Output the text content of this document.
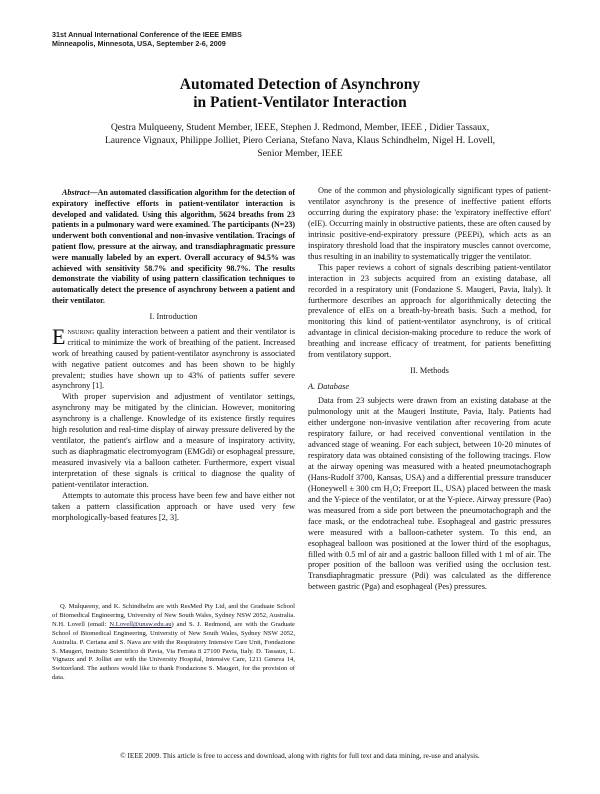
31st Annual International Conference of the IEEE EMBS
Minneapolis, Minnesota, USA, September 2-6, 2009
Automated Detection of Asynchrony
in Patient-Ventilator Interaction
Qestra Mulqueeny, Student Member, IEEE, Stephen J. Redmond, Member, IEEE , Didier Tassaux,
Laurence Vignaux, Philippe Jolliet, Piero Ceriana, Stefano Nava, Klaus Schindhelm, Nigel H. Lovell,
Senior Member, IEEE

Abstract—An automated classification algorithm for the detection of expiratory ineffective efforts in patient-ventilator interaction is developed and validated. Using this algorithm, 5624 breaths from 23 patients in a pulmonary ward were examined. The participants (N=23) underwent both conventional and non-invasive ventilation. Tracings of patient flow, pressure at the airway, and transdiaphragmatic pressure were manually labeled by an expert. Overall accuracy of 94.5% was achieved with sensitivity 58.7% and specificity 98.7%. The results demonstrate the viability of using pattern classification techniques to automatically detect the presence of asynchrony between a patient and their ventilator.

I. Introduction

Ensuring quality interaction between a patient and their ventilator is critical to minimize the work of breathing of the patient. Increased work of breathing caused by patient-ventilator asynchrony is associated with negative patient outcomes and has been shown to be highly prevalent; studies have shown up to 43% of patients suffer severe asynchrony [1].

With proper supervision and adjustment of ventilator settings, asynchrony may be mitigated by the clinician. However, monitoring asynchrony is a challenge. Knowledge of its existence firstly requires high resolution and real-time display of airway pressure delivered by the ventilator, the patient's airflow and a measure of inspiratory activity, such as diaphragmatic electromyogram (EMGdi) or esophageal pressure, measured invasively via a balloon catheter. Furthermore, expert visual interpretation of these signals is critical to diagnose the quality of patient-ventilator interaction.

Attempts to automate this process have been few and have either not taken a pattern classification approach or have used very few morphologically-based features [2, 3].

Q. Mulqueeny, and K. Schindhelm are with ResMed Pty Ltd, and the Graduate School of Biomedical Engineering, University of New South Wales, Sydney NSW 2052, Australia. N.H. Lovell (email: N.Lovell@unsw.edu.au) and S. J. Redmond, are with the Graduate School of Biomedical Engineering, University of New South Wales, Sydney NSW 2052, Australia. P. Ceriana and S. Nava are with the Respiratory Intensive Care Unit, Fondazione S. Maugeri, Instituto Scientifico di Pavia, Via Ferrata 8 27100 Pavia, Italy. D. Tassaux, L. Vignaux and P. Jolliet are with the University Hospital, Intensive Care, 1211 Geneva 14, Switzerland. The authors would like to thank Fondazione S. Maugeri, for the provision of data.

One of the common and physiologically significant types of patient-ventilator asynchrony is the presence of ineffective patient efforts occurring during the expiratory phase: the 'expiratory ineffective effort' (eIE). Occurring mainly in obstructive patients, these are often caused by intrinsic positive-end-expiratory pressure (PEEPi), which acts as an inspiratory threshold load that the inspiratory muscles cannot overcome, thus resulting in an inability to systematically trigger the ventilator.

This paper reviews a cohort of signals describing patient-ventilator interaction in 23 subjects acquired from an existing database, all recorded in a respiratory unit (Fondazione S. Maugeri, Pavia, Italy). It furthermore describes an approach for algorithmically detecting the prevalence of eIEs on a breath-by-breath basis. Such a method, for monitoring this kind of patient-ventilator asynchrony, is of critical advantage in clinical decision-making procedure to reduce the work of breathing and increase efficacy of treatment, for patients benefitting from ventilatory support.

II. Methods
A. Database

Data from 23 subjects were drawn from an existing database at the pulmonology unit at the Maugeri Institute, Pavia, Italy. Patients had either undergone non-invasive ventilation after recovering from acute respiratory failure, or had received conventional ventilation in the advanced stage of weaning. For each subject, between 10-20 minutes of respiratory data was obtained consisting of the following tracings. Flow at the airway opening was measured with a heated pneumotachograph (Hans-Rudolf 3700, Kansas, USA) and a differential pressure transducer (Honeywell ± 300 cm H₂O; Freeport IL, USA) placed between the mask and the Y-piece of the ventilator, or at the Y-piece. Airway pressure (Pao) was measured from a side port between the pneumotachograph and the face mask, or the endotracheal tube. Esophageal and gastric pressures were measured with a balloon-catheter system. To this end, an esophageal balloon was positioned at the lower third of the esophagus, filled with 0.5 ml of air and a gastric balloon filled with 1 ml of air. The proper position of the balloon was verified using the occlusion test. Transdiaphragmatic pressure (Pdi) was calculated as the difference between gastric (Pga) and esophageal (Pes) pressures.

© IEEE 2009. This article is free to access and download, along with rights for full text and data mining, re-use and analysis.
